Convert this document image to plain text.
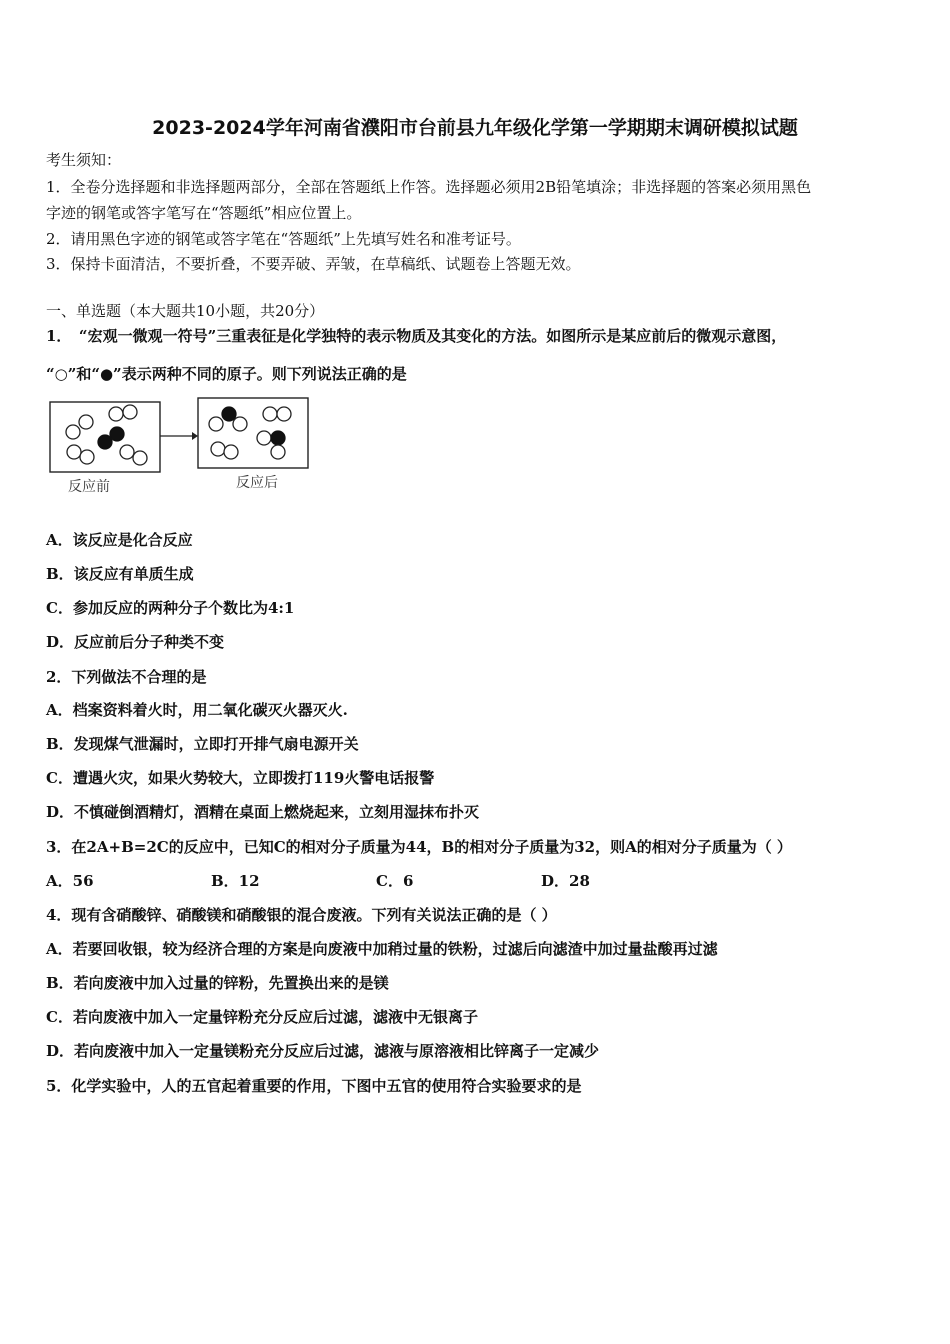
2023-2024学年河南省濮阳市台前县九年级化学第一学期期末调研模拟试题
考生须知：
1．全卷分选择题和非选择题两部分，全部在答题纸上作答。选择题必须用2B铅笔填涂；非选择题的答案必须用黑色
字迹的钢笔或答字笔写在“答题纸”相应位置上。
2．请用黑色字迹的钢笔或答字笔在“答题纸”上先填写姓名和准考证号。
3．保持卡面清洁，不要折叠，不要弄破、弄皱，在草稿纸、试题卷上答题无效。
一、单选题（本大题共10小题，共20分）
1．　“宏观一微观一符号”三重表征是化学独特的表示物质及其变化的方法。如图所示是某应前后的微观示意图，
“○”和“●”表示两种不同的原子。则下列说法正确的是
反应前	反应后
A．该反应是化合反应
B．该反应有单质生成
C．参加反应的两种分子个数比为4:1
D．反应前后分子种类不变
2．下列做法不合理的是
A．档案资料着火时，用二氧化碳灭火器灭火.
B．发现煤气泄漏时，立即打开排气扇电源开关
C．遭遇火灾，如果火势较大，立即拨打119火警电话报警
D．不慎碰倒酒精灯，酒精在桌面上燃烧起来，立刻用湿抹布扑灭
3．在2A+B=2C的反应中，已知C的相对分子质量为44，B的相对分子质量为32，则A的相对分子质量为（ ）
A．56	B．12	C．6	D．28
4．现有含硝酸锌、硝酸镁和硝酸银的混合废液。下列有关说法正确的是（ ）
A．若要回收银，较为经济合理的方案是向废液中加稍过量的铁粉，过滤后向滤渣中加过量盐酸再过滤
B．若向废液中加入过量的锌粉，先置换出来的是镁
C．若向废液中加入一定量锌粉充分反应后过滤，滤液中无银离子
D．若向废液中加入一定量镁粉充分反应后过滤，滤液与原溶液相比锌离子一定减少
5．化学实验中，人的五官起着重要的作用，下图中五官的使用符合实验要求的是
